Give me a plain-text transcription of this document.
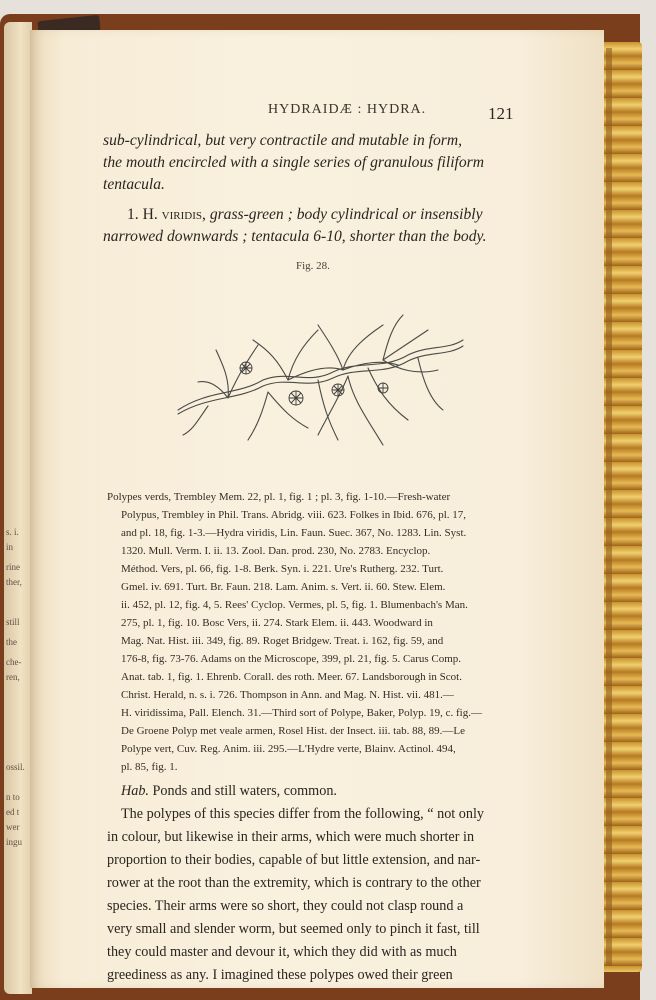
s. i.
in
rine
ther,
still
the
che-
ren,
ossil.
n to
ed t
wer
ingu
HYDRAIDÆ : HYDRA.	121
sub-cylindrical, but very contractile and mutable in form,
the mouth encircled with a single series of granulous filiform
tentacula.
1. H. viridis, grass-green ; body cylindrical or insensibly
narrowed downwards ; tentacula 6-10, shorter than the body.
Fig. 28.
Polypes verds, Trembley Mem. 22, pl. 1, fig. 1 ; pl. 3, fig. 1-10.—Fresh-water
Polypus, Trembley in Phil. Trans. Abridg. viii. 623. Folkes in Ibid. 676, pl. 17,
and pl. 18, fig. 1-3.—Hydra viridis, Lin. Faun. Suec. 367, No. 1283. Lin. Syst.
1320. Mull. Verm. I. ii. 13. Zool. Dan. prod. 230, No. 2783. Encyclop.
Méthod. Vers, pl. 66, fig. 1-8. Berk. Syn. i. 221. Ure's Rutherg. 232. Turt.
Gmel. iv. 691. Turt. Br. Faun. 218. Lam. Anim. s. Vert. ii. 60. Stew. Elem.
ii. 452, pl. 12, fig. 4, 5. Rees' Cyclop. Vermes, pl. 5, fig. 1. Blumenbach's Man.
275, pl. 1, fig. 10. Bosc Vers, ii. 274. Stark Elem. ii. 443. Woodward in
Mag. Nat. Hist. iii. 349, fig. 89. Roget Bridgew. Treat. i. 162, fig. 59, and
176-8, fig. 73-76. Adams on the Microscope, 399, pl. 21, fig. 5. Carus Comp.
Anat. tab. 1, fig. 1. Ehrenb. Corall. des roth. Meer. 67. Landsborough in Scot.
Christ. Herald, n. s. i. 726. Thompson in Ann. and Mag. N. Hist. vii. 481.—
H. viridissima, Pall. Elench. 31.—Third sort of Polype, Baker, Polyp. 19, c. fig.—
De Groene Polyp met veale armen, Rosel Hist. der Insect. iii. tab. 88, 89.—Le
Polype vert, Cuv. Reg. Anim. iii. 295.—L'Hydre verte, Blainv. Actinol. 494,
pl. 85, fig. 1.
Hab. Ponds and still waters, common.
The polypes of this species differ from the following, “ not only
in colour, but likewise in their arms, which were much shorter in
proportion to their bodies, capable of but little extension, and nar-
rower at the root than the extremity, which is contrary to the other
species. Their arms were so short, they could not clasp round a
very small and slender worm, but seemed only to pinch it fast, till
they could master and devour it, which they did with as much
greediness as any. I imagined these polypes owed their green
